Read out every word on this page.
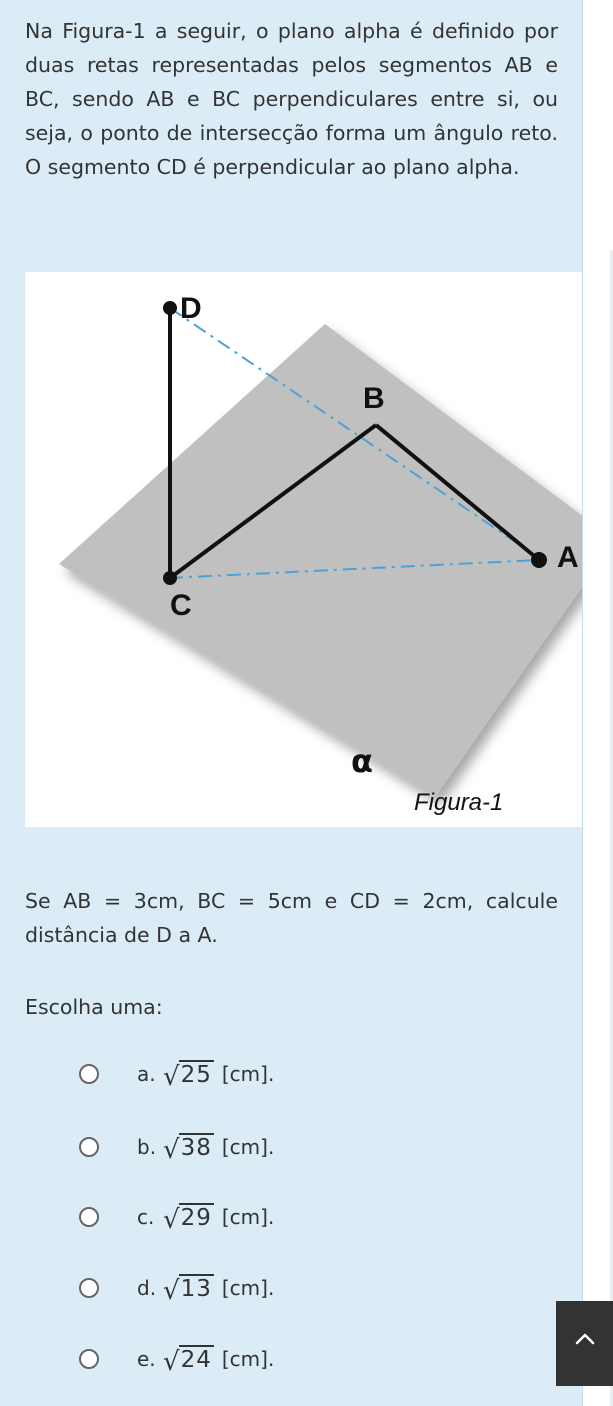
Na Figura-1 a seguir, o plano alpha é definido por duas retas representadas pelos segmentos AB e BC, sendo AB e BC perpendiculares entre si, ou seja, o ponto de intersecção forma um ângulo reto. O segmento CD é perpendicular ao plano alpha.
D
B
A
C
α
Figura-1
Se AB = 3cm, BC = 5cm e CD = 2cm, calcule distância de D a A.
Escolha uma:
a. √ 25 [cm].
b. √ 38 [cm].
c. √ 29 [cm].
d. √ 13 [cm].
e. √ 24 [cm].
